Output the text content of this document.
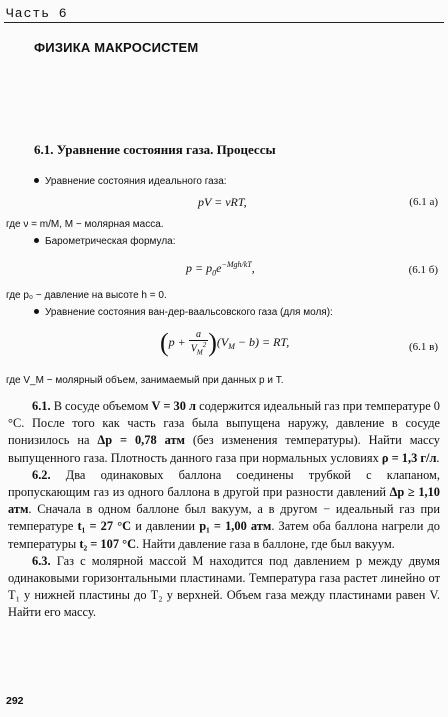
Часть 6
ФИЗИКА МАКРОСИСТЕМ
6.1. Уравнение состояния газа. Процессы
Уравнение состояния идеального газа:
pV = νRT,	(6.1 а)
где ν = m/M, M − молярная масса.
Барометрическая формула:
$p = p_0e^{-Mgh/kT}$,	(6.1 б)
где p₀ − давление на высоте h = 0.
Уравнение состояния ван-дер-ваальсовского газа (для моля):
$(p + \frac{a}{V_M^2} )(V_M - b)$ = RT,	(6.1 в)
где V_M − молярный объем, занимаемый при данных p и T.

6.1. В сосуде объемом V = 30 л содержится идеальный газ при температуре 0 °С. После того как часть газа была выпущена наружу, давление в сосуде понизилось на Δp = 0,78 атм (без изменения температуры). Найти массу выпущенного газа. Плотность данного газа при нормальных условиях ρ = 1,3 г/л.

6.2. Два одинаковых баллона соединены трубкой с клапаном, пропускающим газ из одного баллона в другой при разности давлений Δp ≥ 1,10 атм. Сначала в одном баллоне был вакуум, а в другом − идеальный газ при температуре t₁ = 27 °С и давлении p₁ = 1,00 атм. Затем оба баллона нагрели до температуры t₂ = 107 °С. Найти давление газа в баллоне, где был вакуум.

6.3. Газ с молярной массой M находится под давлением p между двумя одинаковыми горизонтальными пластинами. Температура газа растет линейно от T₁ у нижней пластины до T₂ у верхней. Объем газа между пластинами равен V. Найти его массу.

292
